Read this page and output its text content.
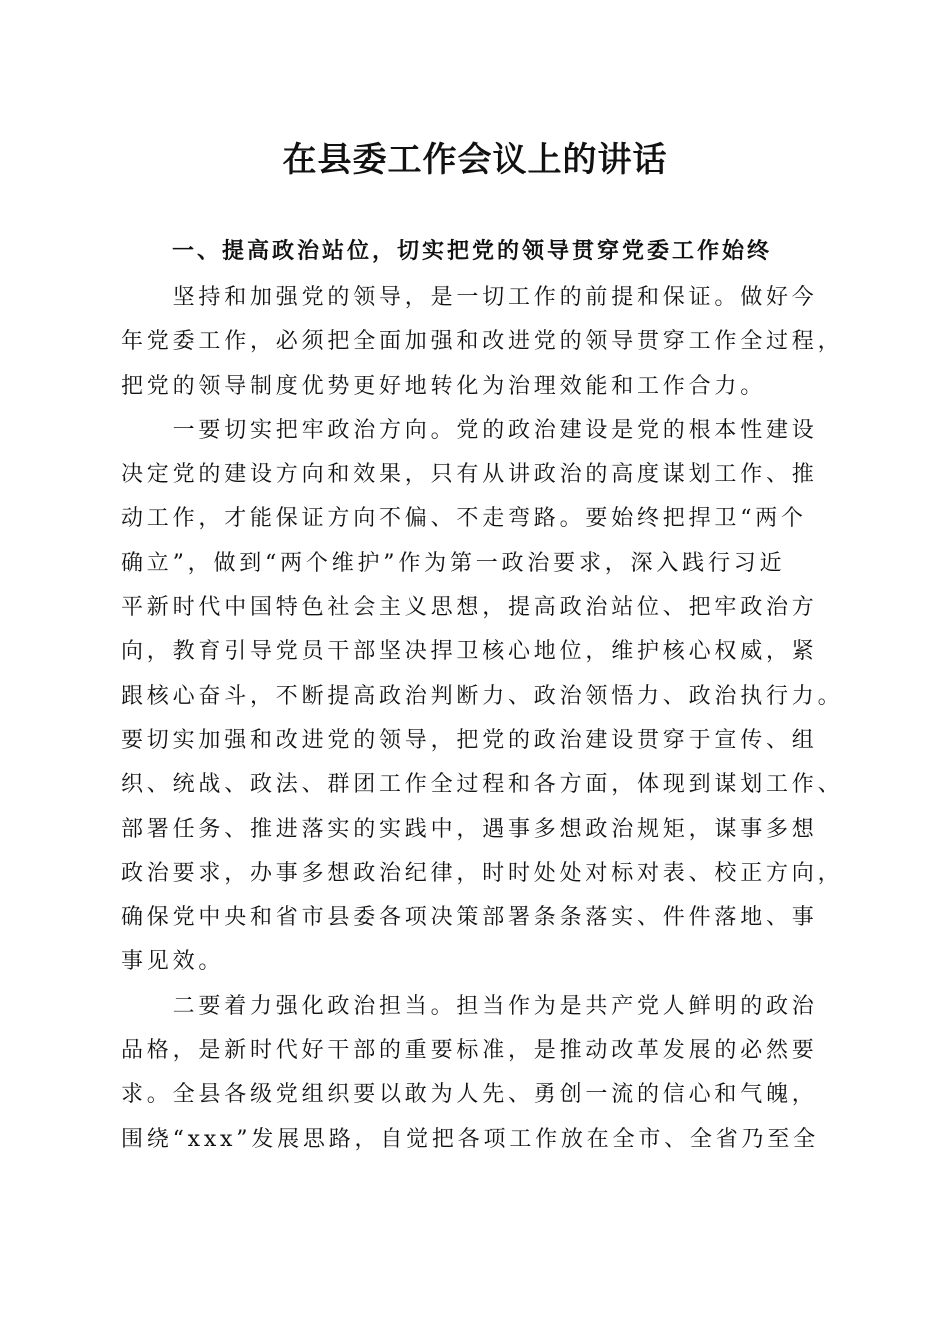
在县委工作会议上的讲话
一、提高政治站位，切实把党的领导贯穿党委工作始终
坚持和加强党的领导，是一切工作的前提和保证。做好今
年党委工作，必须把全面加强和改进党的领导贯穿工作全过程，
把党的领导制度优势更好地转化为治理效能和工作合力。
一要切实把牢政治方向。党的政治建设是党的根本性建设
决定党的建设方向和效果，只有从讲政治的高度谋划工作、推
动工作，才能保证方向不偏、不走弯路。要始终把捍卫“两个
确立”，做到“两个维护”作为第一政治要求，深入践行习近
平新时代中国特色社会主义思想，提高政治站位、把牢政治方
向，教育引导党员干部坚决捍卫核心地位，维护核心权威，紧
跟核心奋斗，不断提高政治判断力、政治领悟力、政治执行力。
要切实加强和改进党的领导，把党的政治建设贯穿于宣传、组
织、统战、政法、群团工作全过程和各方面，体现到谋划工作、
部署任务、推进落实的实践中，遇事多想政治规矩，谋事多想
政治要求，办事多想政治纪律，时时处处对标对表、校正方向，
确保党中央和省市县委各项决策部署条条落实、件件落地、事
事见效。
二要着力强化政治担当。担当作为是共产党人鲜明的政治
品格，是新时代好干部的重要标准，是推动改革发展的必然要
求。全县各级党组织要以敢为人先、勇创一流的信心和气魄，
围绕“xxx”发展思路，自觉把各项工作放在全市、全省乃至全
